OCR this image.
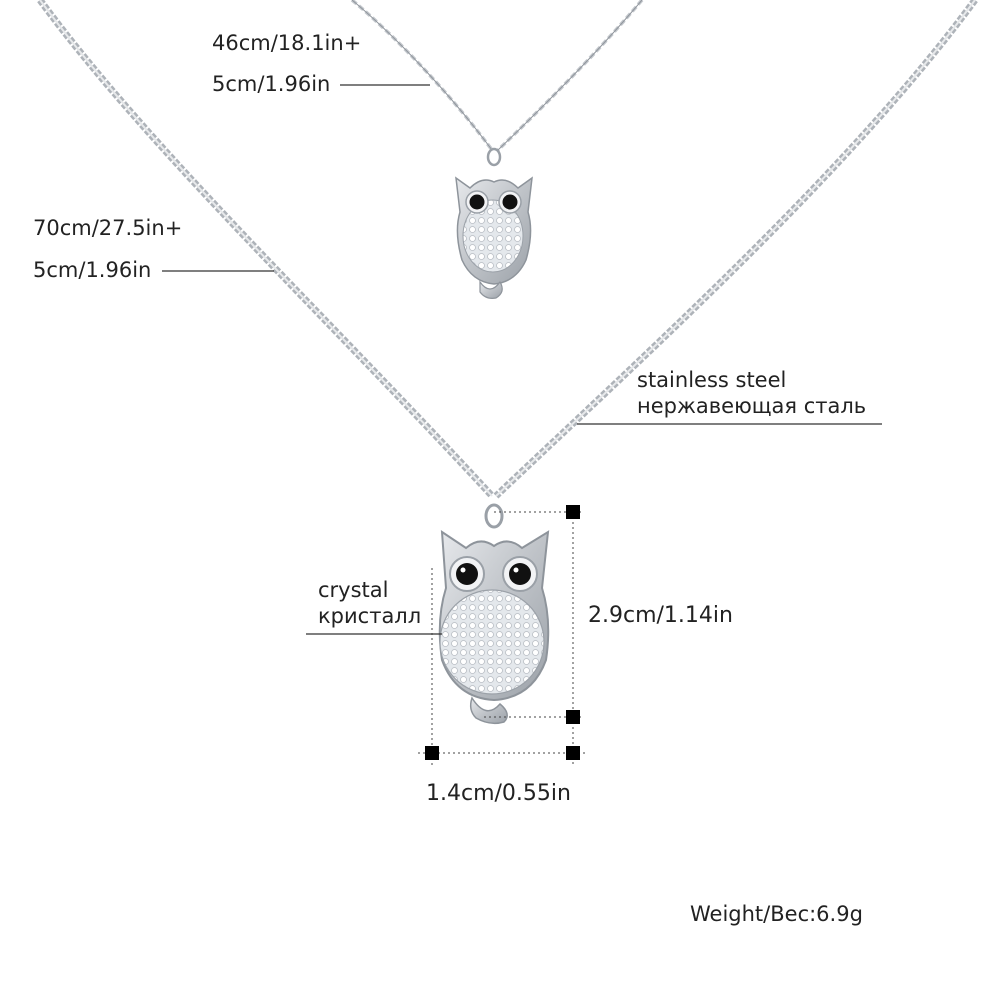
46cm/18.1in+
5cm/1.96in
70cm/27.5in+
5cm/1.96in
stainless steel
нержавеющая сталь
crystal
кристалл	2.9cm/1.14in
1.4cm/0.55in
Weight/Вес:6.9g
